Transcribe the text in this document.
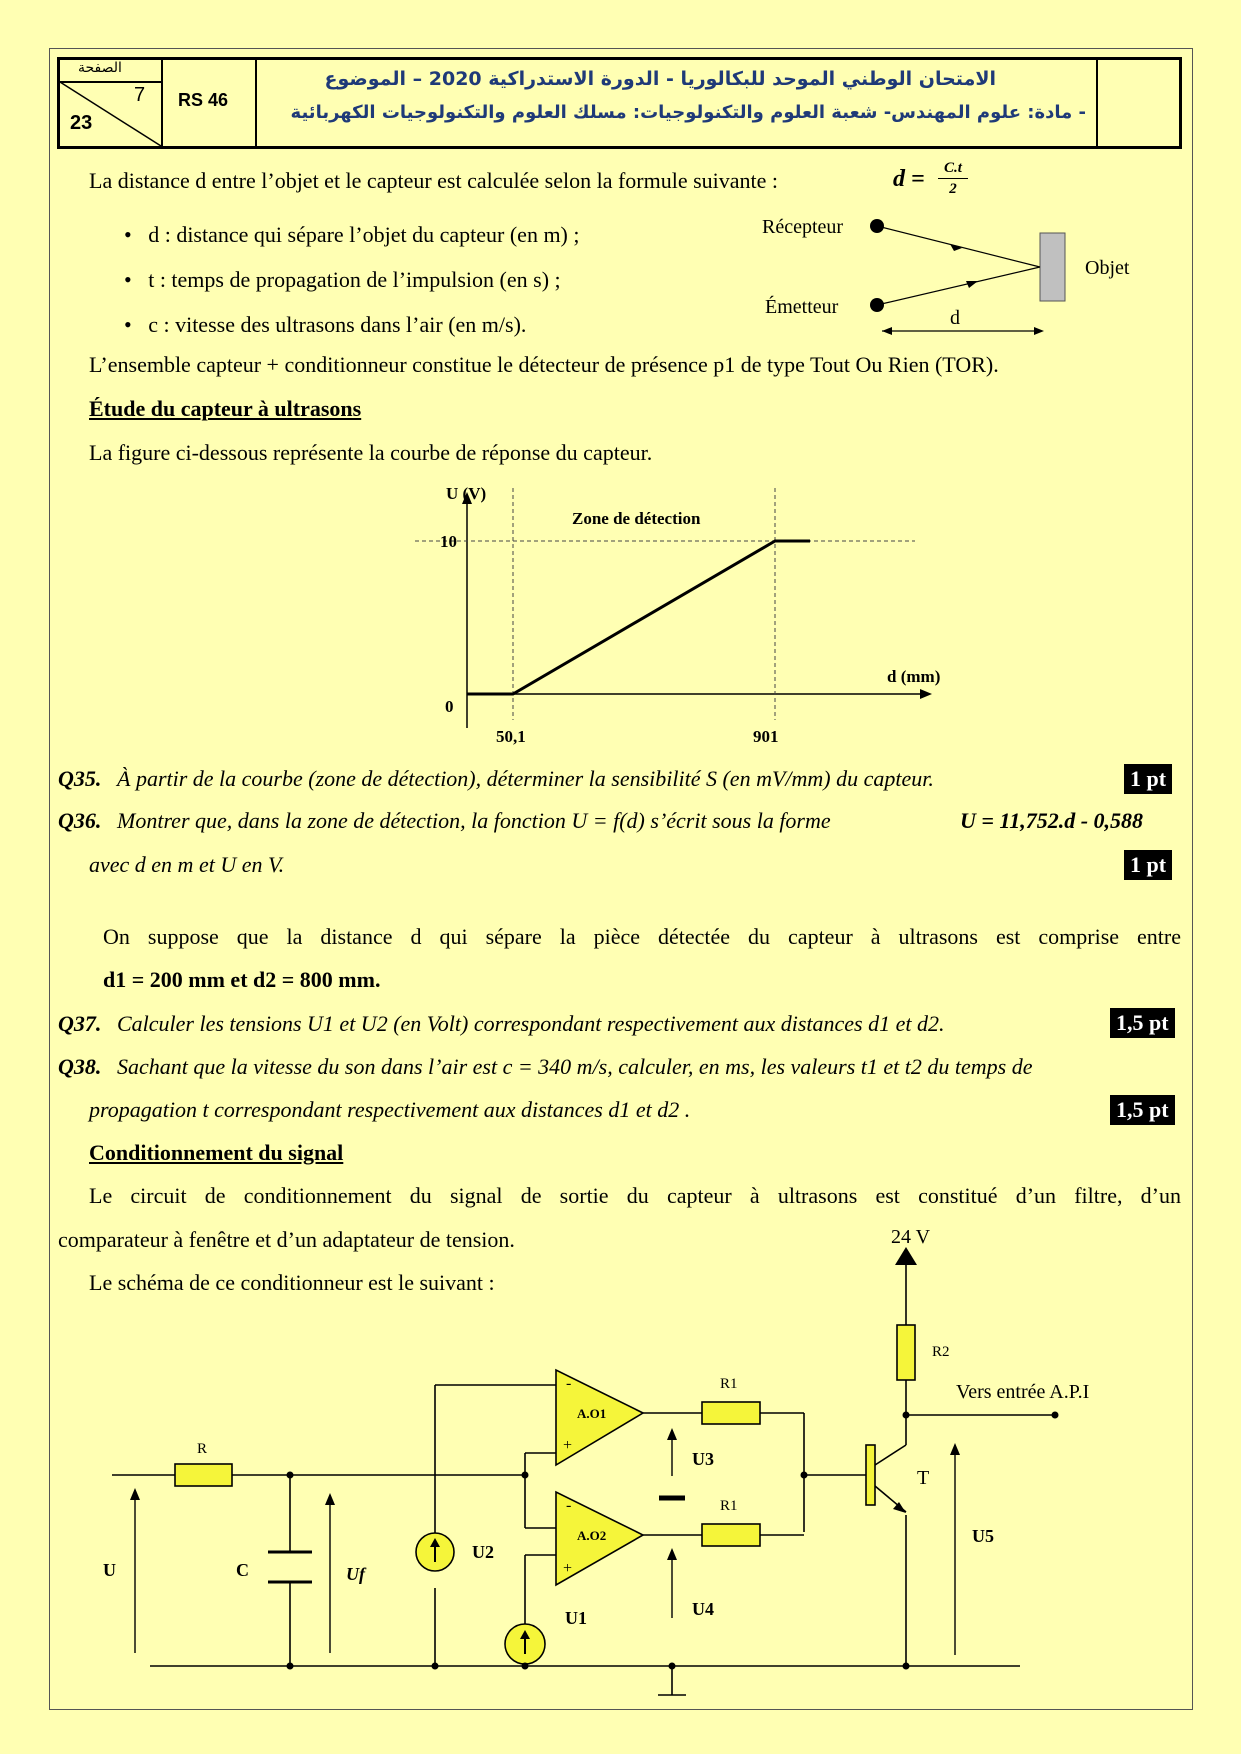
الصفحة
7
23
RS 46
الامتحان الوطني الموحد للبكالوريا - الدورة الاستدراكية 2020 – الموضوع
- مادة: علوم المهندس- شعبة العلوم والتكنولوجيات: مسلك العلوم والتكنولوجيات الكهربائية
La distance d entre l’objet et le capteur est calculée selon la formule suivante :	$d = \frac{C.t}{2}$
•   d : distance qui sépare l’objet du capteur (en m) ;
•   t : temps de propagation de l’impulsion (en s) ;
•   c : vitesse des ultrasons dans l’air (en m/s).
Récepteur
Émetteur
Objet
d
L’ensemble capteur + conditionneur constitue le détecteur de présence p1 de type Tout Ou Rien (TOR).
Étude du capteur à ultrasons
La figure ci-dessous représente la courbe de réponse du capteur.
U (V)
d (mm)
Zone de détection
10
0
50,1	901
Q35. À partir de la courbe (zone de détection), déterminer la sensibilité S (en mV/mm) du capteur.	1 pt
Q36. Montrer que, dans la zone de détection, la fonction U = f(d) s’écrit sous la forme	U = 11,752.d - 0,588
avec d en m et U en V.	1 pt
On suppose que la distance d qui sépare la pièce détectée du capteur à ultrasons est comprise entre
d1 = 200 mm et d2 = 800 mm.
Q37. Calculer les tensions U1 et U2 (en Volt) correspondant respectivement aux distances d1 et d2.	1,5 pt
Q38. Sachant que la vitesse du son dans l’air est c = 340 m/s, calculer, en ms, les valeurs t1 et t2 du temps de
propagation t correspondant respectivement aux distances d1 et d2 .	1,5 pt
Conditionnement du signal
Le circuit de conditionnement du signal de sortie du capteur à ultrasons est constitué d’un filtre, d’un
comparateur à fenêtre et d’un adaptateur de tension.
Le schéma de ce conditionneur est le suivant :
24 V
R2
Vers entrée A.P.I
R
C
U	Uf
U2
U1
-
+
A.O1
-
+
A.O2
R1
R1
U3
U4
T
U5
